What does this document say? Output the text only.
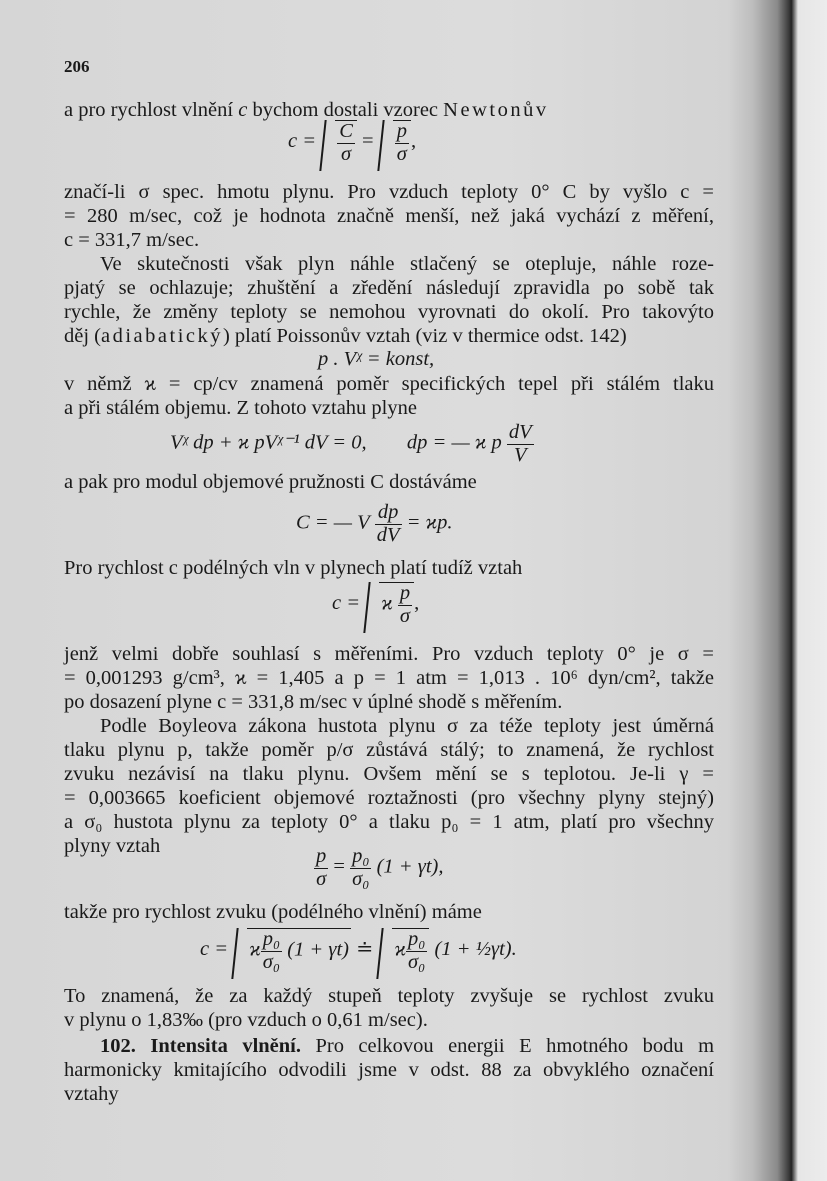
206
a pro rychlost vlnění c bychom dostali vzorec Newtonův
$c = \frac{C}{\sigma} = \frac{p}{\sigma}$ ,
značí-li σ spec. hmotu plynu. Pro vzduch teploty 0° C by vyšlo c =
= 280 m/sec, což je hodnota značně menší, než jaká vychází z měření,
c = 331,7 m/sec.
Ve skutečnosti však plyn náhle stlačený se otepluje, náhle roze-
pjatý se ochlazuje; zhuštění a zředění následují zpravidla po sobě tak
rychle, že změny teploty se nemohou vyrovnati do okolí. Pro takovýto
děj (adiabatický) platí Poissonův vztah (viz v thermice odst. 142)
p . Vᵡ = konst,
v němž ϰ = cp/cv znamená poměr specifických tepel při stálém tlaku
a při stálém objemu. Z tohoto vztahu plyne
Vᵡ dp + ϰ pVᵡ⁻¹ dV = 0, dp = — ϰ p $\frac{dV}{V}$
a pak pro modul objemové pružnosti C dostáváme
C = — V $\frac{dp}{dV} = ϰp$.
Pro rychlost c podélných vln v plynech platí tudíž vztah
c = ϰ $\frac{p}{\sigma}$ ,
jenž velmi dobře souhlasí s měřeními. Pro vzduch teploty 0° je σ =
= 0,001293 g/cm³, ϰ = 1,405 a p = 1 atm = 1,013 . 10⁶ dyn/cm², takže
po dosazení plyne c = 331,8 m/sec v úplné shodě s měřením.
Podle Boyleova zákona hustota plynu σ za téže teploty jest úměrná
tlaku plynu p, takže poměr p/σ zůstává stálý; to znamená, že rychlost
zvuku nezávisí na tlaku plynu. Ovšem mění se s teplotou. Je-li γ =
= 0,003665 koeficient objemové roztažnosti (pro všechny plyny stejný)
a σ₀ hustota plynu za teploty 0° a tlaku p₀ = 1 atm, platí pro všechny
plyny vztah	$\frac{p}{\sigma} = \frac{\text{p₀}}{\text{σ₀}} (1 + \gamma t)$,
takže pro rychlost zvuku (podélného vlnění) máme
c = ϰ $\frac{\text{p₀}}{\text{σ₀}} (1 + \gamma t)$ ≐ ϰ $\frac{\text{p₀}}{\text{σ₀}} (1$ + ½γt).
To znamená, že za každý stupeň teploty zvyšuje se rychlost zvuku
v plynu o 1,83‰ (pro vzduch o 0,61 m/sec).
102. Intensita vlnění. Pro celkovou energii E hmotného bodu m
harmonicky kmitajícího odvodili jsme v odst. 88 za obvyklého označení
vztahy
